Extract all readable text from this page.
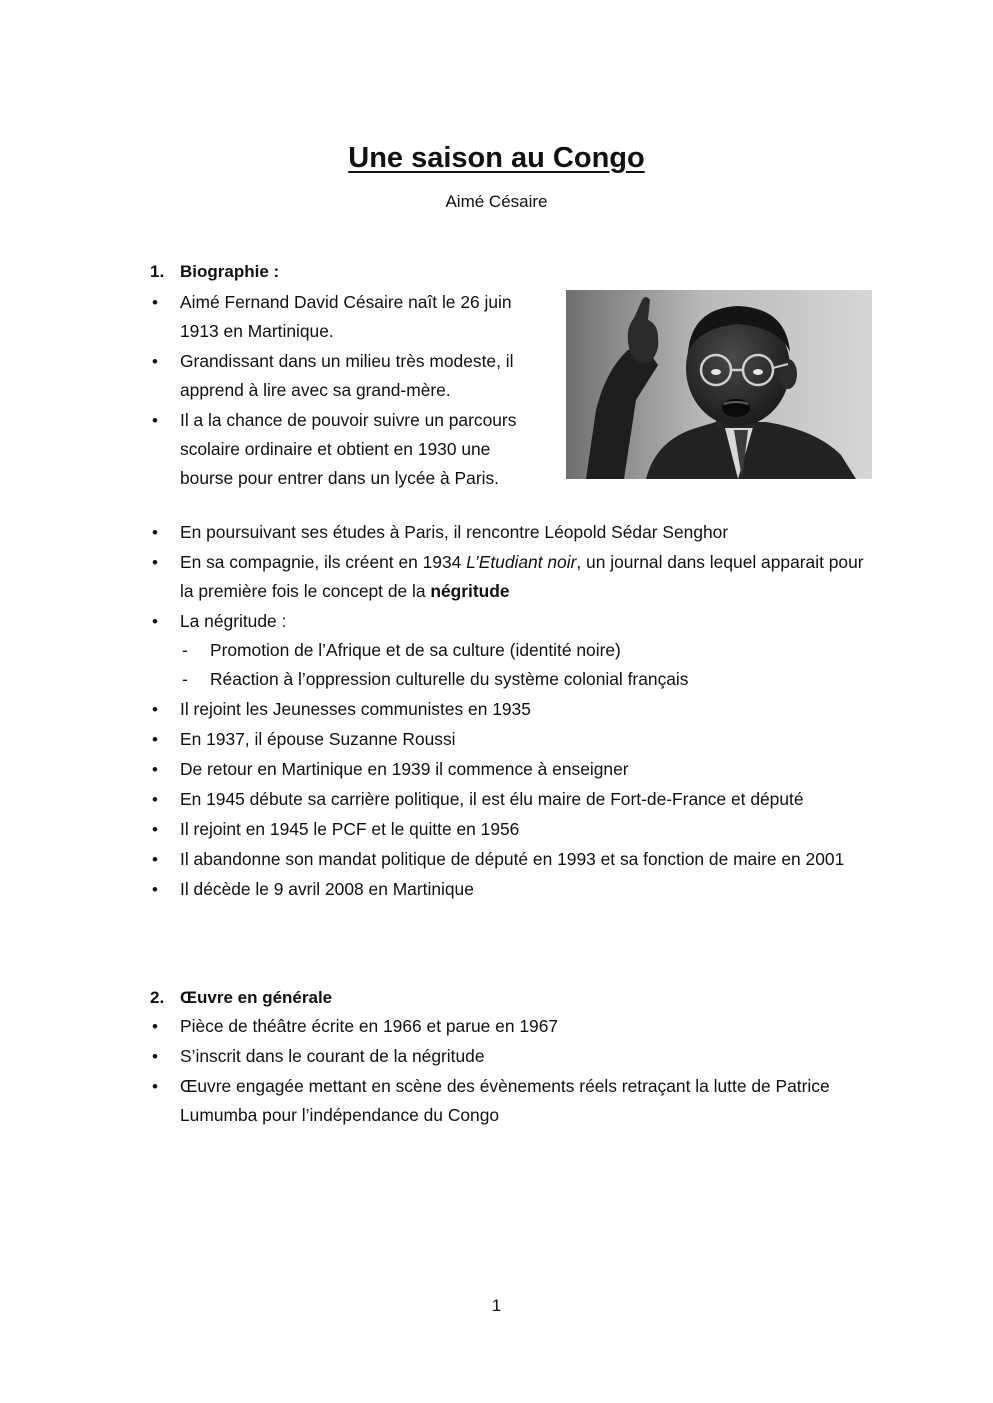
Une saison au Congo

Aimé Césaire

1. Biographie :

• Aimé Fernand David Césaire naît le 26 juin 1913 en Martinique.
• Grandissant dans un milieu très modeste, il apprend à lire avec sa grand-mère.
• Il a la chance de pouvoir suivre un parcours scolaire ordinaire et obtient en 1930 une bourse pour entrer dans un lycée à Paris.
• En poursuivant ses études à Paris, il rencontre Léopold Sédar Senghor
• En sa compagnie, ils créent en 1934 L’Etudiant noir, un journal dans lequel apparait pour la première fois le concept de la négritude
• La négritude :
- Promotion de l’Afrique et de sa culture (identité noire)
- Réaction à l’oppression culturelle du système colonial français
• Il rejoint les Jeunesses communistes en 1935
• En 1937, il épouse Suzanne Roussi
• De retour en Martinique en 1939 il commence à enseigner
• En 1945 débute sa carrière politique, il est élu maire de Fort-de-France et député
• Il rejoint en 1945 le PCF et le quitte en 1956
• Il abandonne son mandat politique de député en 1993 et sa fonction de maire en 2001
• Il décède le 9 avril 2008 en Martinique

2. Œuvre en générale

• Pièce de théâtre écrite en 1966 et parue en 1967
• S’inscrit dans le courant de la négritude
• Œuvre engagée mettant en scène des évènements réels retraçant la lutte de Patrice Lumumba pour l’indépendance du Congo

1
